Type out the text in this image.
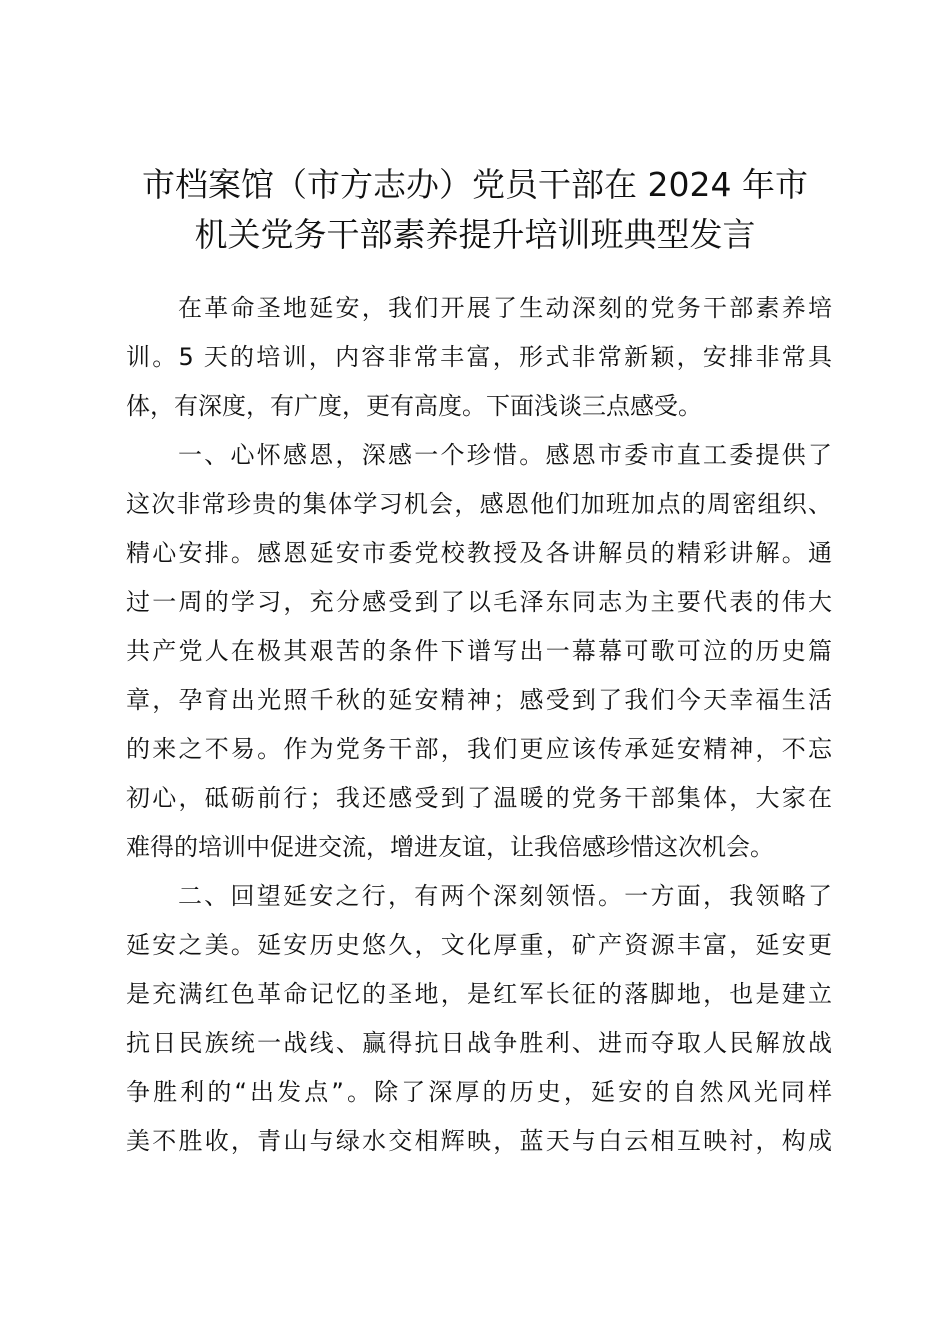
市档案馆（市方志办）党员干部在 2024 年市
机关党务干部素养提升培训班典型发言

在革命圣地延安，我们开展了生动深刻的党务干部素养培
训。5 天的培训，内容非常丰富，形式非常新颖，安排非常具
体，有深度，有广度，更有高度。下面浅谈三点感受。

一、心怀感恩，深感一个珍惜。感恩市委市直工委提供了
这次非常珍贵的集体学习机会，感恩他们加班加点的周密组织、
精心安排。感恩延安市委党校教授及各讲解员的精彩讲解。通
过一周的学习，充分感受到了以毛泽东同志为主要代表的伟大
共产党人在极其艰苦的条件下谱写出一幕幕可歌可泣的历史篇
章，孕育出光照千秋的延安精神；感受到了我们今天幸福生活
的来之不易。作为党务干部，我们更应该传承延安精神，不忘
初心，砥砺前行；我还感受到了温暖的党务干部集体，大家在
难得的培训中促进交流，增进友谊，让我倍感珍惜这次机会。

二、回望延安之行，有两个深刻领悟。一方面，我领略了
延安之美。延安历史悠久，文化厚重，矿产资源丰富，延安更
是充满红色革命记忆的圣地，是红军长征的落脚地，也是建立
抗日民族统一战线、赢得抗日战争胜利、进而夺取人民解放战
争胜利的“出发点”。除了深厚的历史，延安的自然风光同样
美不胜收，青山与绿水交相辉映，蓝天与白云相互映衬，构成
